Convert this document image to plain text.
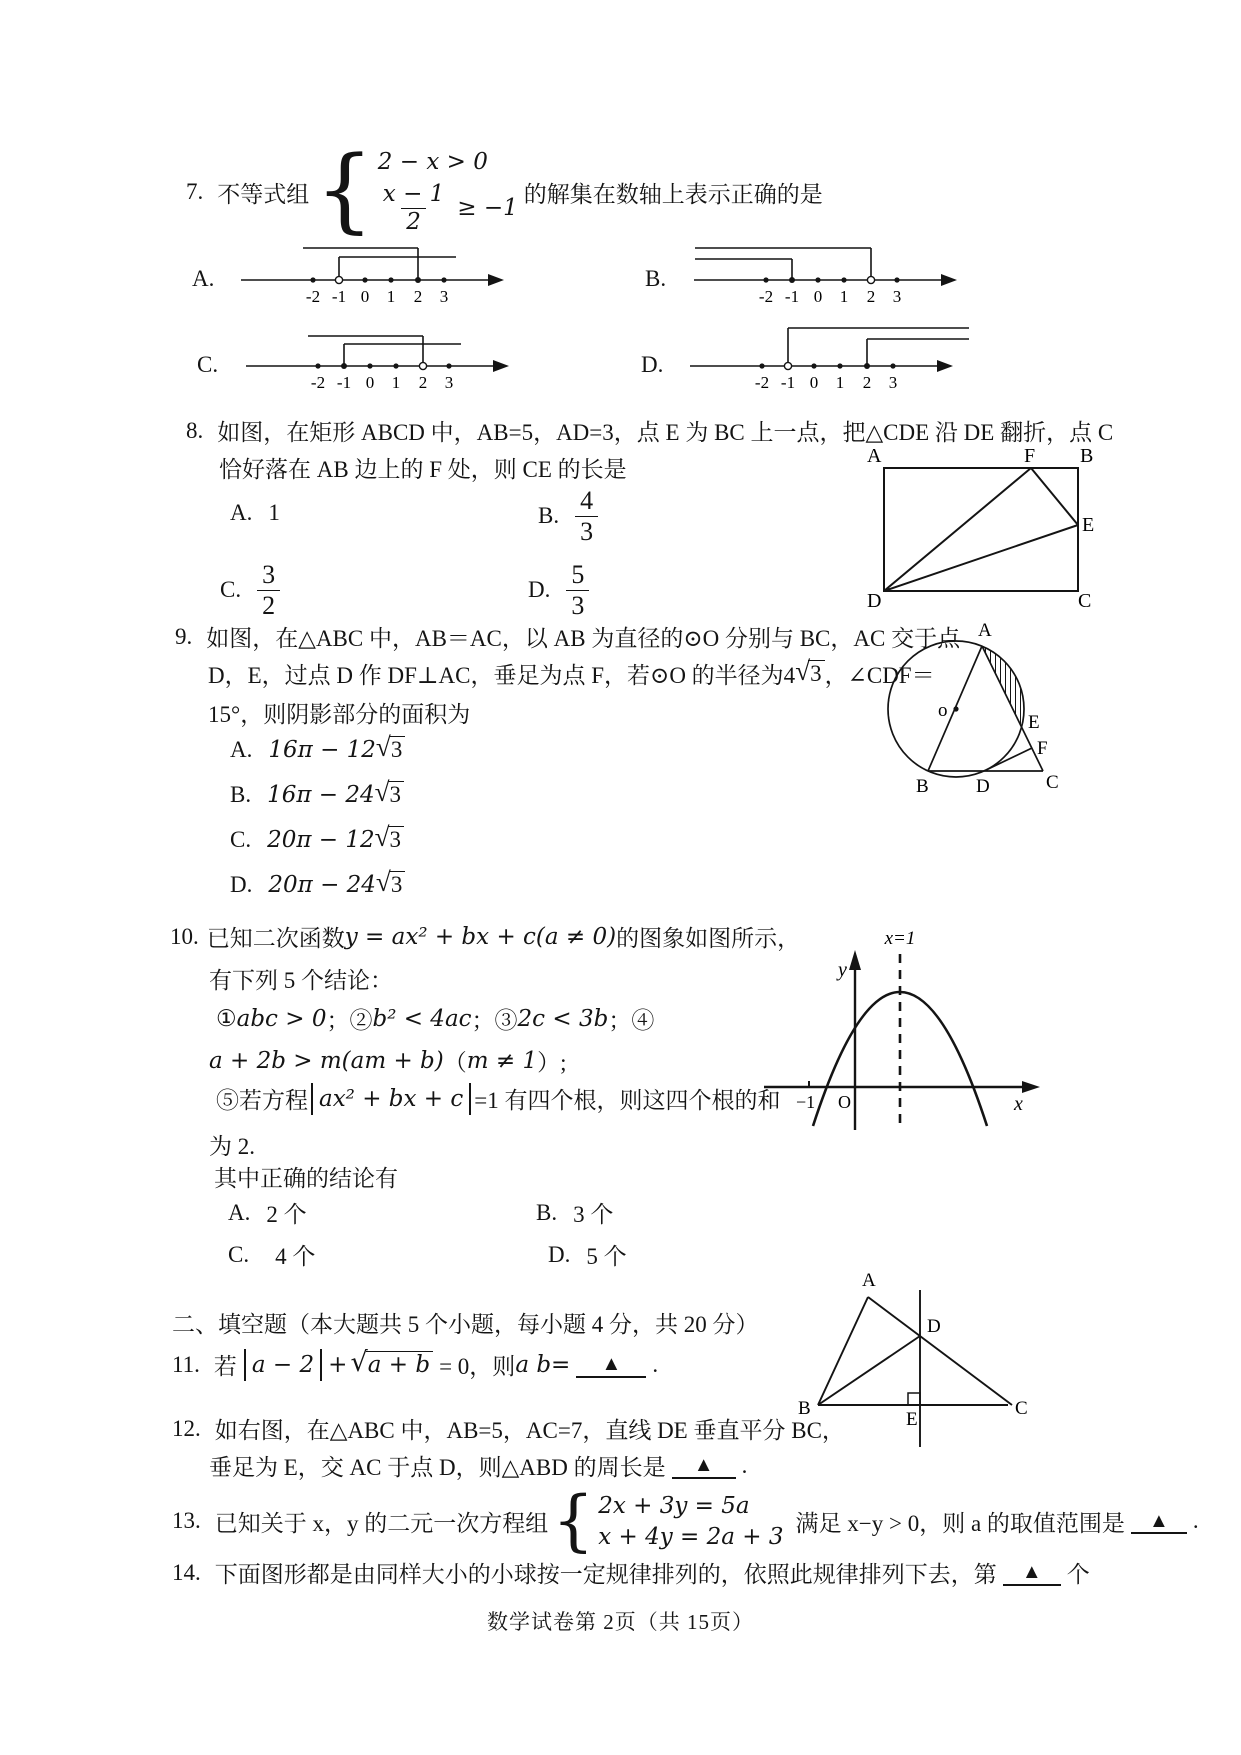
7. 不等式组 { 2 − x > 0
$\frac{x - 1}{2} \ge -1$
的解集在数轴上表示正确的是
A.
-2 -1 0 1 2 3
B.
-2 -1 0 1 2 3
C.
-2 -1 0 1 2 3
D.
-2 -1 0 1 2 3
8. 如图，在矩形 ABCD 中，AB=5，AD=3，点 E 为 BC 上一点，把△CDE 沿 DE 翻折，点 C
恰好落在 AB 边上的 F 处，则 CE 的长是
A	F B
E
D	C
A. 1	B. $\frac{4}{3}$
C. $\frac{3}{2}$	D. $\frac{5}{3}$
9. 如图，在△ABC 中，AB＝AC，以 AB 为直径的⊙O 分别与 BC，AC 交于点
D，E，过点 D 作 DF⊥AC，垂足为点 F，若⊙O 的半径为4 √ 3 ，∠CDF＝
15°，则阴影部分的面积为
A. 16π − 12 √ 3
B. 16π − 24 √ 3
C. 20π − 12 √ 3
D. 20π − 24 √ 3
A
o
B D
E
F
C
10. 已知二次函数 y = ax² + bx + c(a ≠ 0) 的图象如图所示，
有下列 5 个结论：
① abc > 0 ；② b² < 4ac ；③ 2c < 3b ；④
a + 2b > m(am + b) （ m ≠ 1 ）;
⑤若方程 ax² + bx + c =1 有四个根，则这四个根的和
为 2.
其中正确的结论有
A. 2 个	B. 3 个
C. 4 个	D. 5 个
x=1
y
x
O
−1
二、填空题（本大题共 5 个小题，每小题 4 分，共 20 分）
11. 若 a − 2 + √ a + b = 0，则 a b=	▲	.
12. 如右图，在△ABC 中，AB=5，AC=7，直线 DE 垂直平分 BC，
垂足为 E，交 AC 于点 D，则△ABD 的周长是	▲	.
A
B	C
D
E
13. 已知关于 x，y 的二元一次方程组 { 2x + 3y = 5a
x + 4y = 2a + 3
满足 x−y > 0，则 a 的取值范围是	▲	.
14. 下面图形都是由同样大小的小球按一定规律排列的，依照此规律排列下去，第	▲	个
数学试卷第 2页（共 15页）
